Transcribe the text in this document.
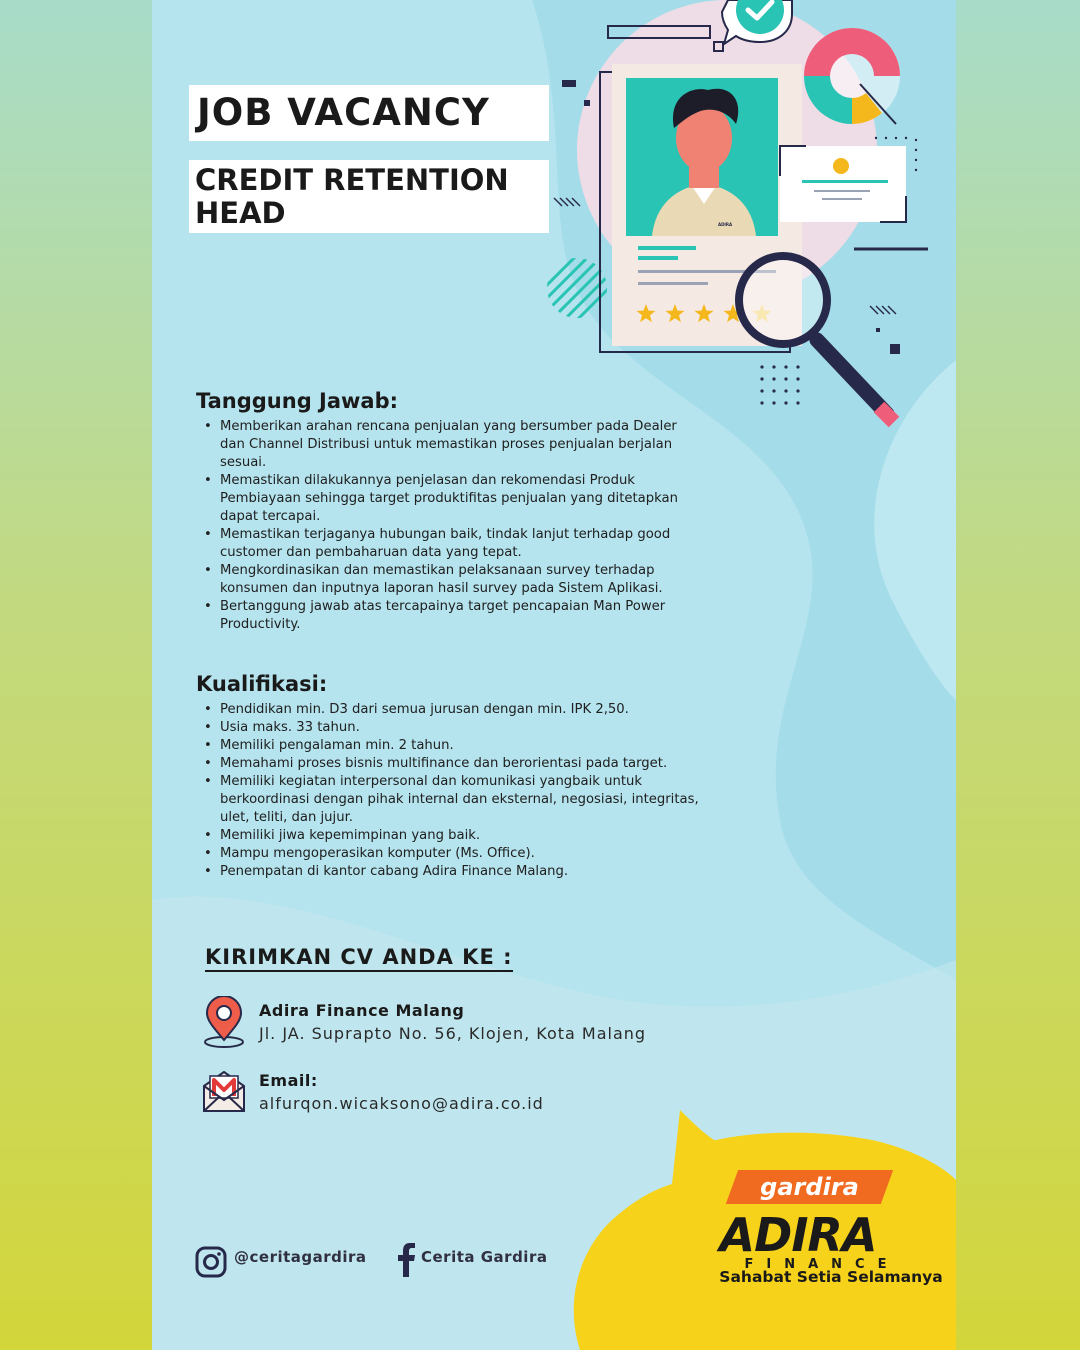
ADIRA
JOB VACANCY
CREDIT RETENTION
HEAD
Tanggung Jawab:
• Memberikan arahan rencana penjualan yang bersumber pada Dealer
dan Channel Distribusi untuk memastikan proses penjualan berjalan
sesuai.
• Memastikan dilakukannya penjelasan dan rekomendasi Produk
Pembiayaan sehingga target produktifitas penjualan yang ditetapkan
dapat tercapai.
• Memastikan terjaganya hubungan baik, tindak lanjut terhadap good
customer dan pembaharuan data yang tepat.
• Mengkordinasikan dan memastikan pelaksanaan survey terhadap
konsumen dan inputnya laporan hasil survey pada Sistem Aplikasi.
• Bertanggung jawab atas tercapainya target pencapaian Man Power
Productivity.
Kualifikasi:
• Pendidikan min. D3 dari semua jurusan dengan min. IPK 2,50.
• Usia maks. 33 tahun.
• Memiliki pengalaman min. 2 tahun.
• Memahami proses bisnis multifinance dan berorientasi pada target.
• Memiliki kegiatan interpersonal dan komunikasi yangbaik untuk
berkoordinasi dengan pihak internal dan eksternal, negosiasi, integritas,
ulet, teliti, dan jujur.
• Memiliki jiwa kepemimpinan yang baik.
• Mampu mengoperasikan komputer (Ms. Office).
• Penempatan di kantor cabang Adira Finance Malang.
KIRIMKAN CV ANDA KE :
Adira Finance Malang
Jl. JA. Suprapto No. 56, Klojen, Kota Malang
Email:
alfurqon.wicaksono@adira.co.id
@ceritagardira	Cerita Gardira
gardira
ADIRA
FINANCE
Sahabat Setia Selamanya
